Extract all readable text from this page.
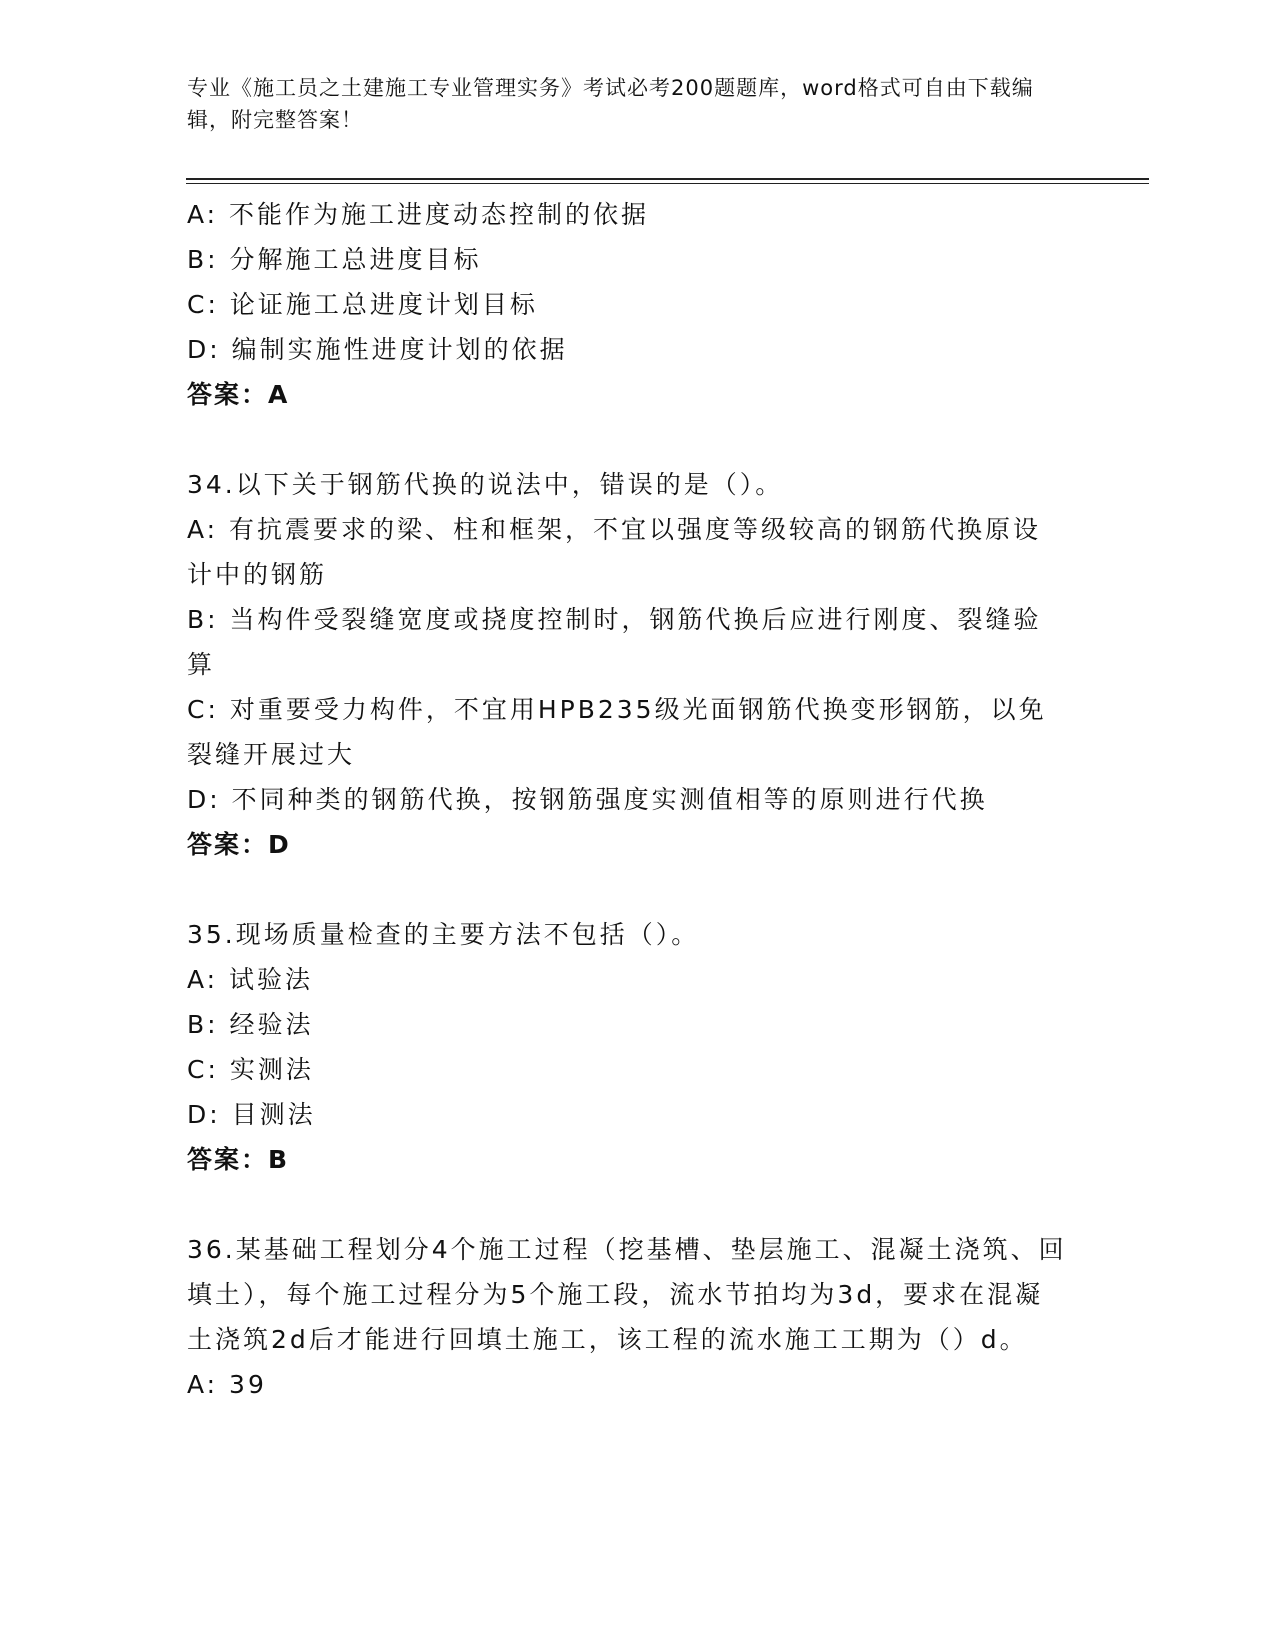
专业《施工员之土建施工专业管理实务》考试必考200题题库，word格式可自由下载编辑，附完整答案！

A: 不能作为施工进度动态控制的依据

B: 分解施工总进度目标

C: 论证施工总进度计划目标

D: 编制实施性进度计划的依据

答案：A

34.以下关于钢筋代换的说法中，错误的是（）。

A: 有抗震要求的梁、柱和框架，不宜以强度等级较高的钢筋代换原设计中的钢筋

B: 当构件受裂缝宽度或挠度控制时，钢筋代换后应进行刚度、裂缝验算

C: 对重要受力构件，不宜用HPB235级光面钢筋代换变形钢筋，以免裂缝开展过大

D: 不同种类的钢筋代换，按钢筋强度实测值相等的原则进行代换

答案：D

35.现场质量检查的主要方法不包括（）。

A: 试验法

B: 经验法

C: 实测法

D: 目测法

答案：B

36.某基础工程划分4个施工过程（挖基槽、垫层施工、混凝土浇筑、回填土），每个施工过程分为5个施工段，流水节拍均为3d，要求在混凝土浇筑2d后才能进行回填土施工，该工程的流水施工工期为（）d。

A: 39
